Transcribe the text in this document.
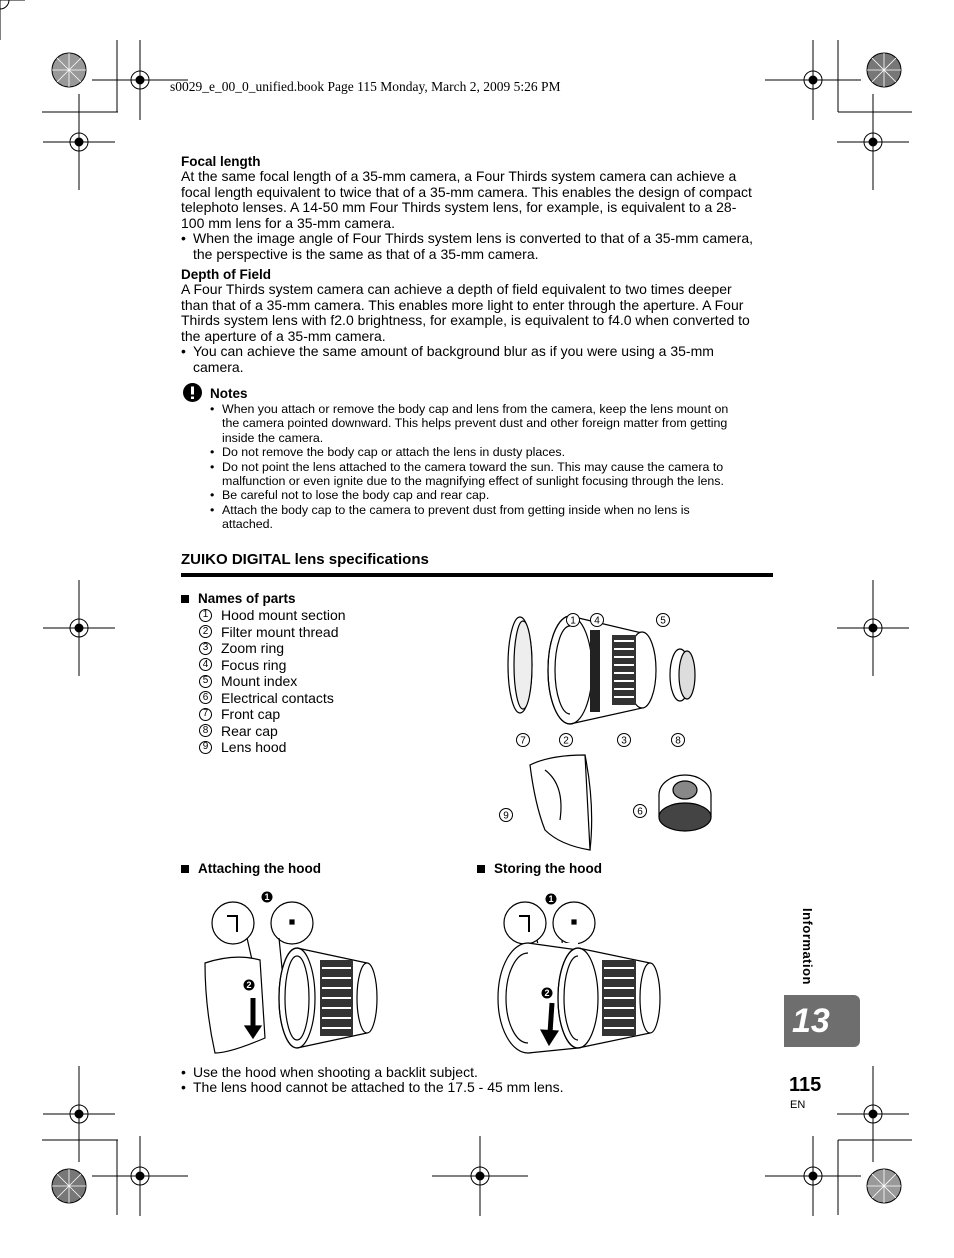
s0029_e_00_0_unified.book Page 115 Monday, March 2, 2009 5:26 PM
Focal length
At the same focal length of a 35-mm camera, a Four Thirds system camera can achieve a
focal length equivalent to twice that of a 35-mm camera. This enables the design of compact
telephoto lenses. A 14-50 mm Four Thirds system lens, for example, is equivalent to a 28-
100 mm lens for a 35-mm camera.
• When the image angle of Four Thirds system lens is converted to that of a 35-mm camera,
the perspective is the same as that of a 35-mm camera.
Depth of Field
A Four Thirds system camera can achieve a depth of field equivalent to two times deeper
than that of a 35-mm camera. This enables more light to enter through the aperture. A Four
Thirds system lens with f2.0 brightness, for example, is equivalent to f4.0 when converted to
the aperture of a 35-mm camera.
• You can achieve the same amount of background blur as if you were using a 35-mm
camera.
Notes
• When you attach or remove the body cap and lens from the camera, keep the lens mount on
the camera pointed downward. This helps prevent dust and other foreign matter from getting
inside the camera.
• Do not remove the body cap or attach the lens in dusty places.
• Do not point the lens attached to the camera toward the sun. This may cause the camera to
malfunction or even ignite due to the magnifying effect of sunlight focusing through the lens.
• Be careful not to lose the body cap and rear cap.
• Attach the body cap to the camera to prevent dust from getting inside when no lens is
attached.
ZUIKO DIGITAL lens specifications
Names of parts
1 Hood mount section
2 Filter mount thread
3 Zoom ring
4 Focus ring
5 Mount index
6 Electrical contacts
7 Front cap
8 Rear cap
9 Lens hood
1 4	5
7	2	3	8
9	6
Attaching the hood	Storing the hood
1
2
1
2
• Use the hood when shooting a backlit subject.
• The lens hood cannot be attached to the 17.5 - 45 mm lens.
Information
13
115
EN
